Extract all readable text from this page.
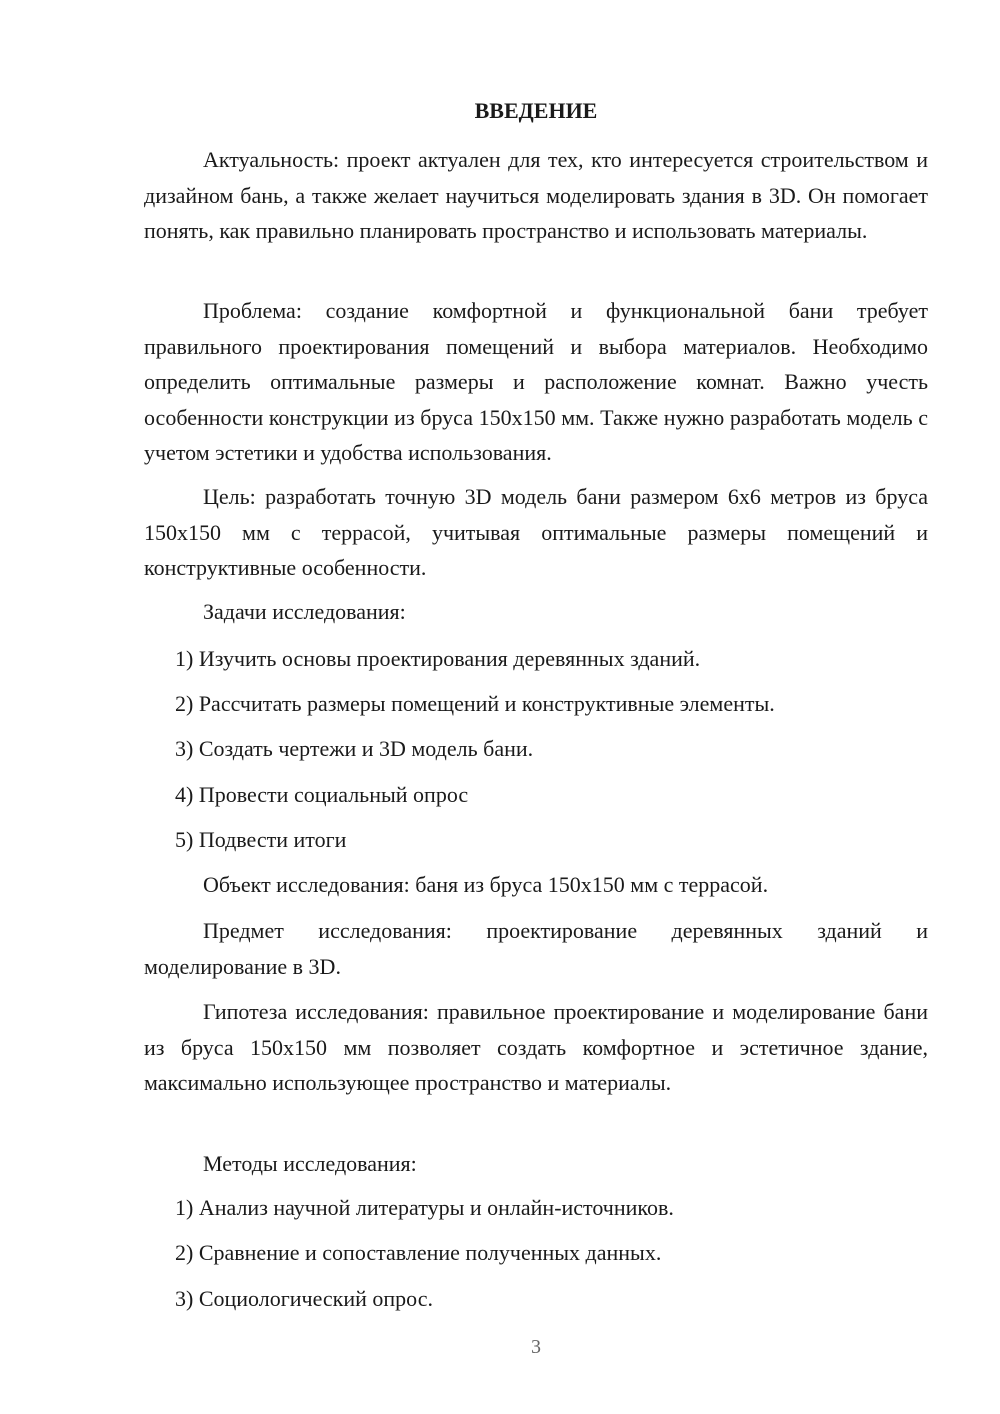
ВВЕДЕНИЕ

Актуальность: проект актуален для тех, кто интересуется строительством и дизайном бань, а также желает научиться моделировать здания в 3D. Он помогает понять, как правильно планировать пространство и использовать материалы.

Проблема: создание комфортной и функциональной бани требует правильного проектирования помещений и выбора материалов. Необходимо определить оптимальные размеры и расположение комнат. Важно учесть особенности конструкции из бруса 150х150 мм. Также нужно разработать модель с учетом эстетики и удобства использования.

Цель: разработать точную 3D модель бани размером 6х6 метров из бруса 150х150 мм с террасой, учитывая оптимальные размеры помещений и конструктивные особенности.

Задачи исследования:

1) Изучить основы проектирования деревянных зданий.

2) Рассчитать размеры помещений и конструктивные элементы.

3) Создать чертежи и 3D модель бани.

4) Провести социальный опрос

5) Подвести итоги

Объект исследования: баня из бруса 150х150 мм с террасой.

Предмет исследования: проектирование деревянных зданий и моделирование в 3D.

Гипотеза исследования: правильное проектирование и моделирование бани из бруса 150х150 мм позволяет создать комфортное и эстетичное здание, максимально использующее пространство и материалы.

Методы исследования:

1) Анализ научной литературы и онлайн-источников.

2) Сравнение и сопоставление полученных данных.

3) Социологический опрос.

3
